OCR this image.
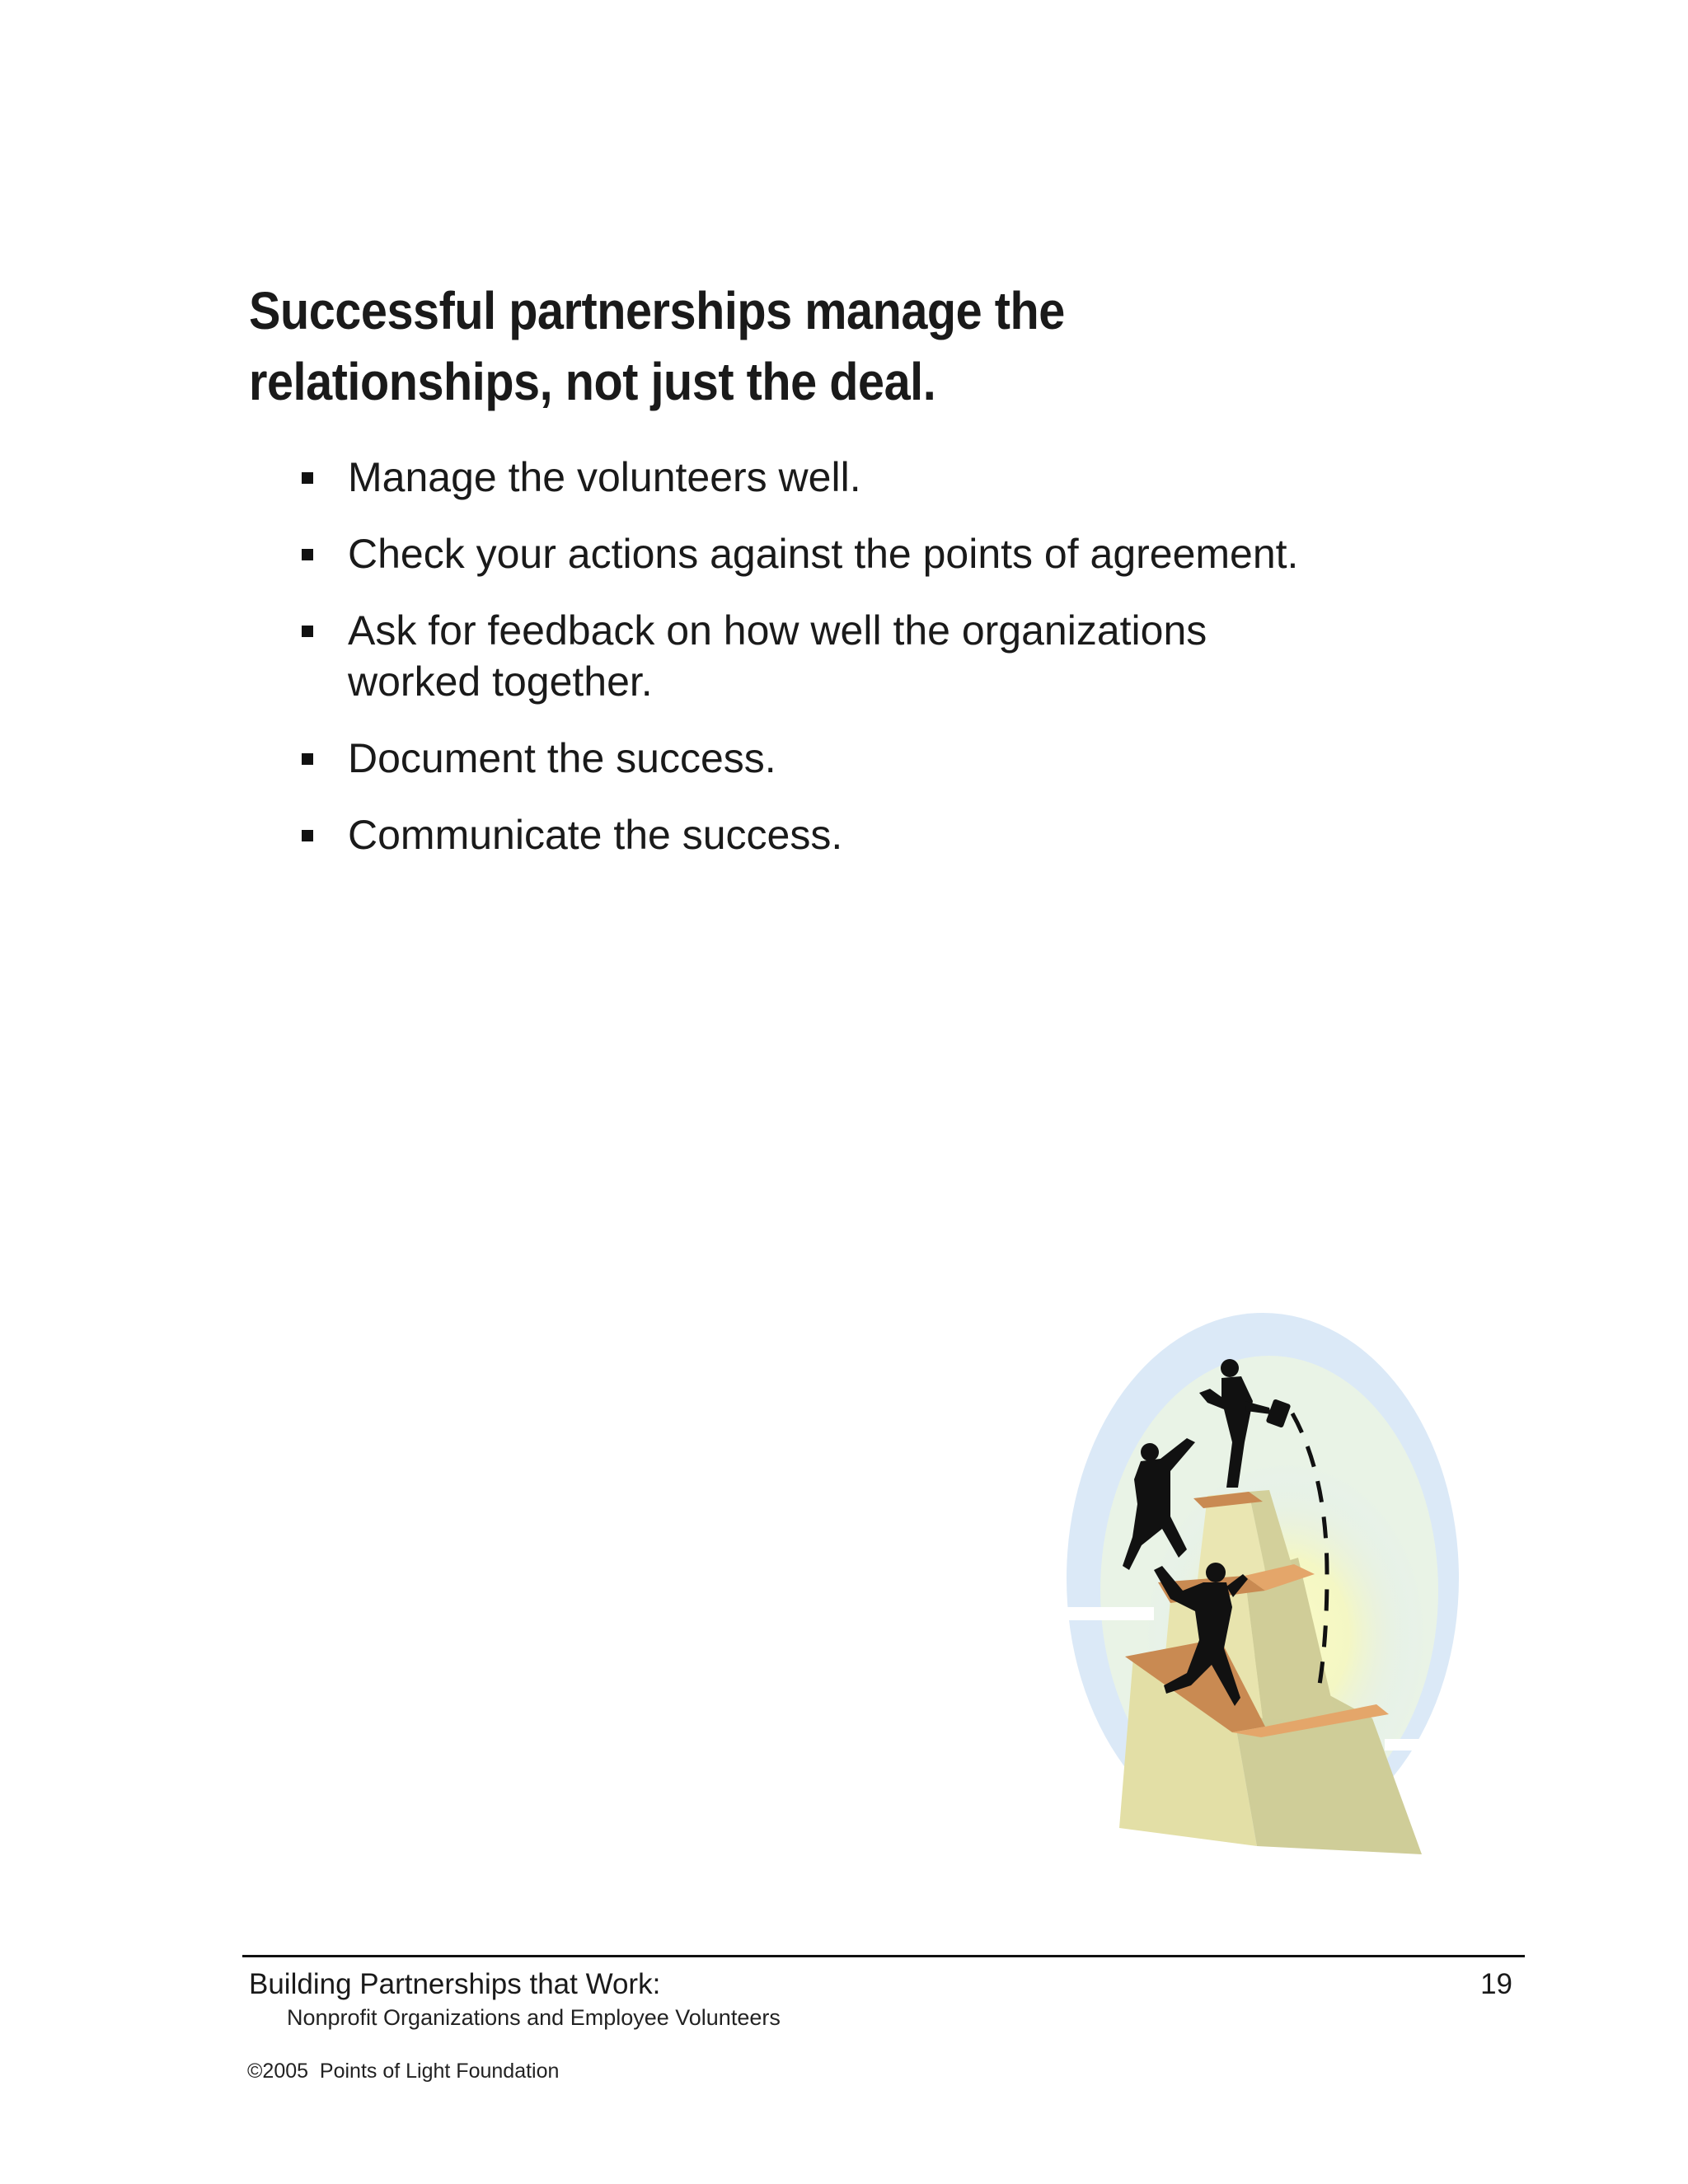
Successful partnerships manage the
relationships, not just the deal.
Manage the volunteers well.
Check your actions against the points of agreement.
Ask for feedback on how well the organizations worked together.
Document the success.
Communicate the success.
Building Partnerships that Work:
Nonprofit Organizations and Employee Volunteers
19
©2005  Points of Light Foundation
